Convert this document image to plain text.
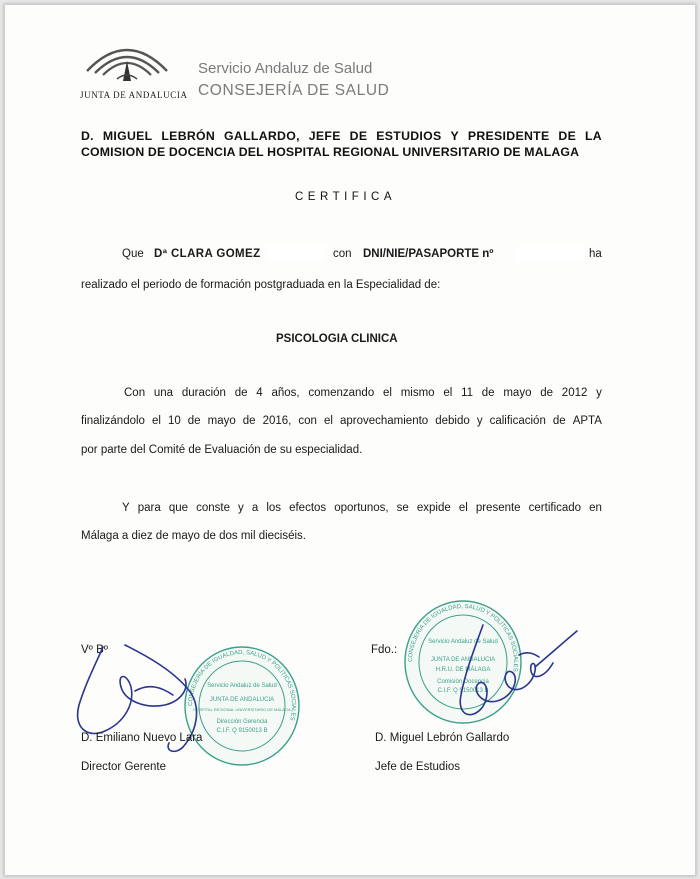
JUNTA DE ANDALUCIA
Servicio Andaluz de Salud
CONSEJERÍA DE SALUD
D. MIGUEL LEBRÓN GALLARDO, JEFE DE ESTUDIOS Y PRESIDENTE DE LA
COMISION DE DOCENCIA DEL HOSPITAL REGIONAL UNIVERSITARIO DE MALAGA
CERTIFICA
Que Dª CLARA GOMEZ	con DNI/NIE/PASAPORTE nº	ha
realizado el periodo de formación postgraduada en la Especialidad de:
PSICOLOGIA CLINICA
Con una duración de 4 años, comenzando el mismo el 11 de mayo de 2012 y
finalizándolo el 10 de mayo de 2016, con el aprovechamiento debido y calificación de APTA
por parte del Comité de Evaluación de su especialidad.
Y para que conste y a los efectos oportunos, se expide el presente certificado en
Málaga a diez de mayo de dos mil dieciséis.
CONSEJERÍA DE IGUALDAD, SALUD Y POLÍTICAS SOCIALES
Servicio Andaluz de Salud
JUNTA DE ANDALUCIA
HOSPITAL REGIONAL UNIVERSITARIO DE MÁLAGA
Dirección Gerencia
C.I.F. Q 9150013 B
CONSEJERÍA DE IGUALDAD, SALUD Y POLÍTICAS SOCIALES
Servicio Andaluz de Salud
JUNTA DE ANDALUCIA
H.R.U. DE MÁLAGA
Comisión Docencia
C.I.F. Q 9150013 B
Vº Bº
D. Emiliano Nuevo Lara
Director Gerente
Fdo.:
D. Miguel Lebrón Gallardo
Jefe de Estudios
